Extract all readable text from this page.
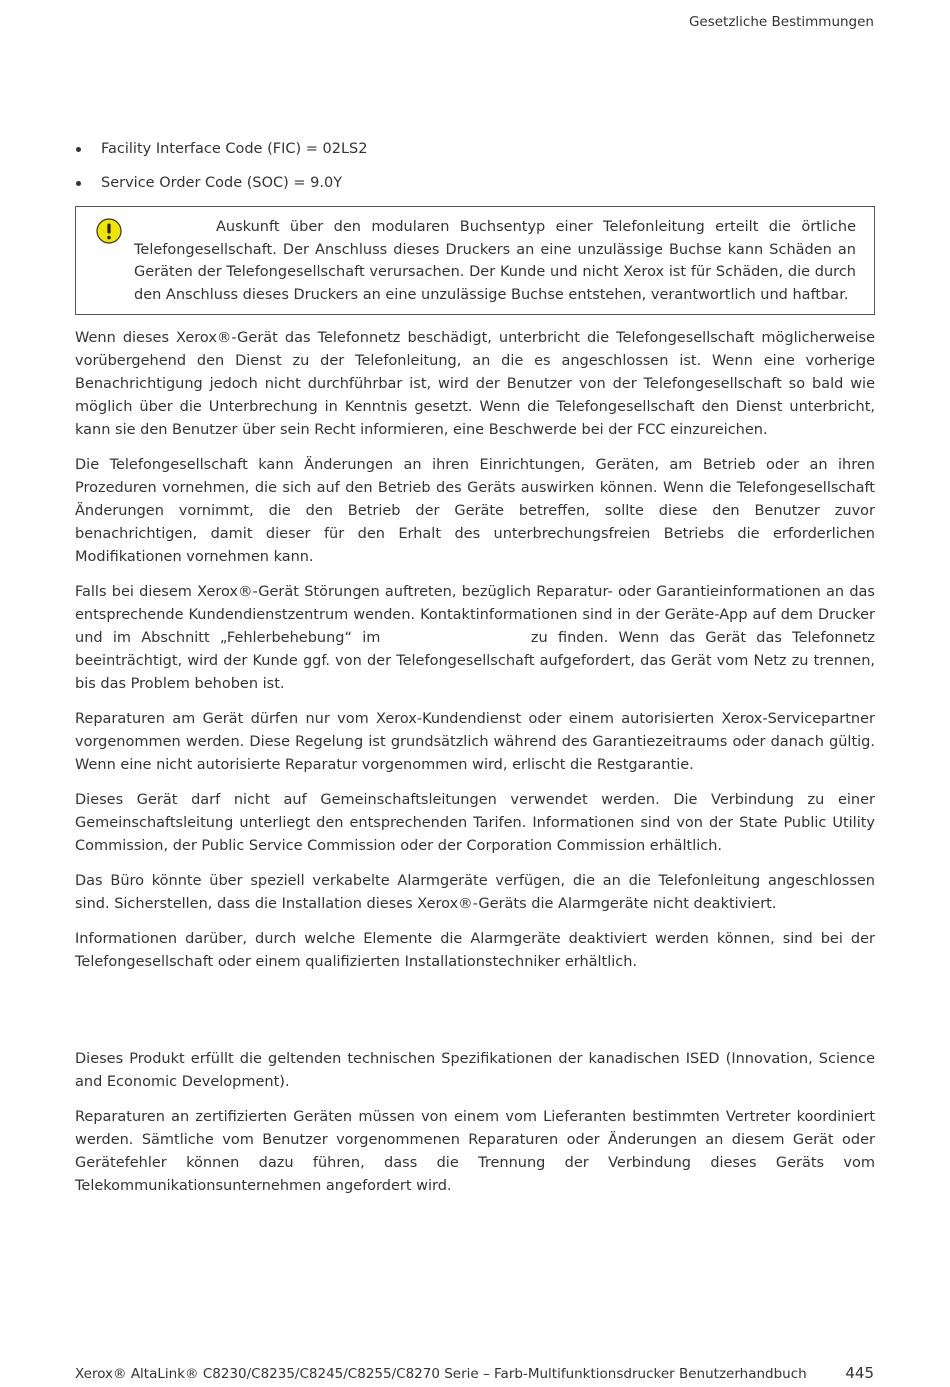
Gesetzliche Bestimmungen
Facility Interface Code (FIC) = 02LS2
Service Order Code (SOC) = 9.0Y

Auskunft über den modularen Buchsentyp einer Telefonleitung erteilt die örtliche Telefongesellschaft. Der Anschluss dieses Druckers an eine unzulässige Buchse kann Schäden an Geräten der Telefongesellschaft verursachen. Der Kunde und nicht Xerox ist für Schäden, die durch den Anschluss dieses Druckers an eine unzulässige Buchse entstehen, verantwortlich und haftbar.

Wenn dieses Xerox®-Gerät das Telefonnetz beschädigt, unterbricht die Telefongesellschaft möglicherweise vorübergehend den Dienst zu der Telefonleitung, an die es angeschlossen ist. Wenn eine vorherige Benachrichtigung jedoch nicht durchführbar ist, wird der Benutzer von der Telefongesellschaft so bald wie möglich über die Unterbrechung in Kenntnis gesetzt. Wenn die Telefongesellschaft den Dienst unterbricht, kann sie den Benutzer über sein Recht informieren, eine Beschwerde bei der FCC einzureichen.

Die Telefongesellschaft kann Änderungen an ihren Einrichtungen, Geräten, am Betrieb oder an ihren Prozeduren vornehmen, die sich auf den Betrieb des Geräts auswirken können. Wenn die Telefongesellschaft Änderungen vornimmt, die den Betrieb der Geräte betreffen, sollte diese den Benutzer zuvor benachrichtigen, damit dieser für den Erhalt des unterbrechungsfreien Betriebs die erforderlichen Modifikationen vornehmen kann.

Falls bei diesem Xerox®-Gerät Störungen auftreten, bezüglich Reparatur- oder Garantieinformationen an das entsprechende Kundendienstzentrum wenden. Kontaktinformationen sind in der Geräte-App auf dem Drucker und im Abschnitt „Fehlerbehebung“ im	zu finden. Wenn das Gerät das Telefonnetz beeinträchtigt, wird der Kunde ggf. von der Telefongesellschaft aufgefordert, das Gerät vom Netz zu trennen, bis das Problem behoben ist.

Reparaturen am Gerät dürfen nur vom Xerox-Kundendienst oder einem autorisierten Xerox-Servicepartner vorgenommen werden. Diese Regelung ist grundsätzlich während des Garantiezeitraums oder danach gültig. Wenn eine nicht autorisierte Reparatur vorgenommen wird, erlischt die Restgarantie.

Dieses Gerät darf nicht auf Gemeinschaftsleitungen verwendet werden. Die Verbindung zu einer Gemeinschaftsleitung unterliegt den entsprechenden Tarifen. Informationen sind von der State Public Utility Commission, der Public Service Commission oder der Corporation Commission erhältlich.

Das Büro könnte über speziell verkabelte Alarmgeräte verfügen, die an die Telefonleitung angeschlossen sind. Sicherstellen, dass die Installation dieses Xerox®-Geräts die Alarmgeräte nicht deaktiviert.

Informationen darüber, durch welche Elemente die Alarmgeräte deaktiviert werden können, sind bei der Telefongesellschaft oder einem qualifizierten Installationstechniker erhältlich.

Dieses Produkt erfüllt die geltenden technischen Spezifikationen der kanadischen ISED (Innovation, Science and Economic Development).

Reparaturen an zertifizierten Geräten müssen von einem vom Lieferanten bestimmten Vertreter koordiniert werden. Sämtliche vom Benutzer vorgenommenen Reparaturen oder Änderungen an diesem Gerät oder Gerätefehler können dazu führen, dass die Trennung der Verbindung dieses Geräts vom Telekommunikationsunternehmen angefordert wird.

Xerox® AltaLink® C8230/C8235/C8245/C8255/C8270 Serie – Farb-Multifunktionsdrucker Benutzerhandbuch	445
